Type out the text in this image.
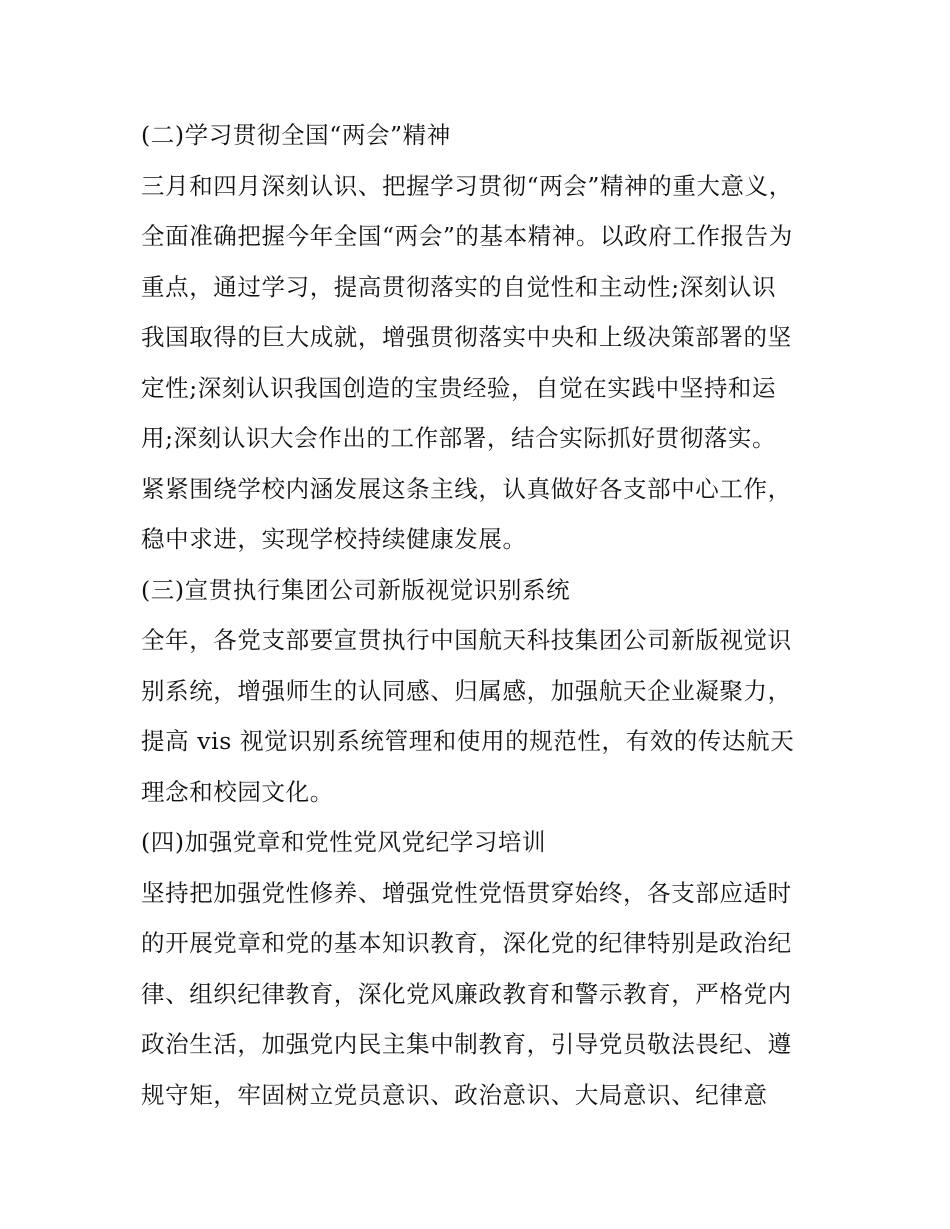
(二)学习贯彻全国“两会”精神
三月和四月深刻认识、把握学习贯彻“两会”精神的重大意义，
全面准确把握今年全国“两会”的基本精神。以政府工作报告为
重点，通过学习，提高贯彻落实的自觉性和主动性;深刻认识
我国取得的巨大成就，增强贯彻落实中央和上级决策部署的坚
定性;深刻认识我国创造的宝贵经验，自觉在实践中坚持和运
用;深刻认识大会作出的工作部署，结合实际抓好贯彻落实。
紧紧围绕学校内涵发展这条主线，认真做好各支部中心工作，
稳中求进，实现学校持续健康发展。
(三)宣贯执行集团公司新版视觉识别系统
全年，各党支部要宣贯执行中国航天科技集团公司新版视觉识
别系统，增强师生的认同感、归属感，加强航天企业凝聚力，
提高 vis 视觉识别系统管理和使用的规范性，有效的传达航天
理念和校园文化。
(四)加强党章和党性党风党纪学习培训
坚持把加强党性修养、增强党性党悟贯穿始终，各支部应适时
的开展党章和党的基本知识教育，深化党的纪律特别是政治纪
律、组织纪律教育，深化党风廉政教育和警示教育，严格党内
政治生活，加强党内民主集中制教育，引导党员敬法畏纪、遵
规守矩，牢固树立党员意识、政治意识、大局意识、纪律意
